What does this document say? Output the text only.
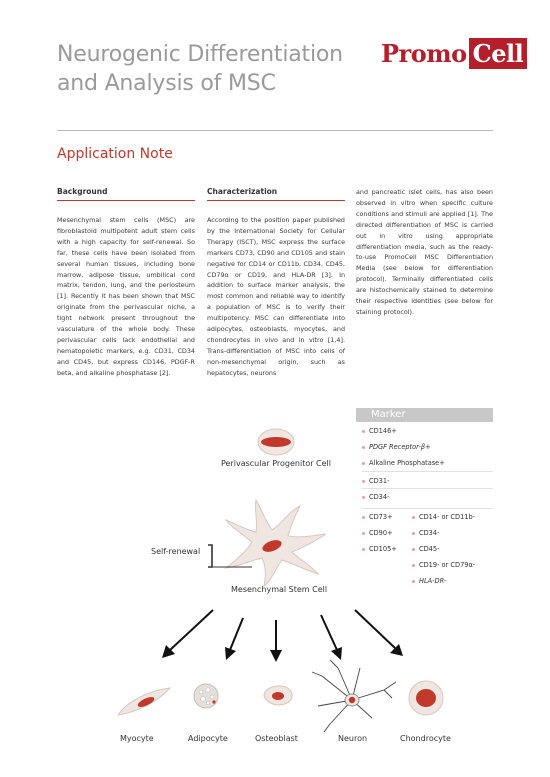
Neurogenic Differentiation
and Analysis of MSC
Promo Cell
Application Note
Background

Mesenchymal stem cells (MSC) are fibroblastoid multipotent adult stem cells with a high capacity for self-renewal. So far, these cells have been isolated from several human tissues, including bone marrow, adipose tissue, umbilical cord matrix, tendon, lung, and the periosteum [1]. Recently it has been shown that MSC originate from the perivascular niche, a tight network present throughout the vasculature of the whole body. These perivascular cells lack endothelial and hematopoietic markers, e.g. CD31, CD34 and CD45, but express CD146, PDGF-R beta, and alkaline phosphatase [2].

Characterization

According to the position paper published by the International Society for Cellular Therapy (ISCT), MSC express the surface markers CD73, CD90 and CD105 and stain negative for CD14 or CD11b, CD34, CD45, CD79α or CD19, and HLA-DR [3]. In addition to surface marker analysis, the most common and reliable way to identify a population of MSC is to verify their multipotency. MSC can differentiate into adipocytes, osteoblasts, myocytes, and chondrocytes in vivo and in vitro [1,4]. Trans-differentiation of MSC into cells of non-mesenchymal origin, such as hepatocytes, neurons

and pancreatic islet cells, has also been observed in vitro when specific culture conditions and stimuli are applied [1]. The directed differentiation of MSC is carried out in vitro using appropriate differentiation media, such as the ready-to-use PromoCell MSC Differentiation Media (see below for differentiation protocol). Terminally differentiated cells are histochemically stained to determine their respective identities (see below for staining protocol).

Marker
CD146+
PDGF Receptor-β+
Alkaline Phosphatase+
CD31-
CD34-
CD73+
CD90+
CD105+
CD14- or CD11b-
CD34-
CD45-
CD19- or CD79α-
HLA-DR-
Perivascular Progenitor Cell
Self-renewal
Mesenchymal Stem Cell
Myocyte	Adipocyte	Osteoblast	Neuron	Chondrocyte
